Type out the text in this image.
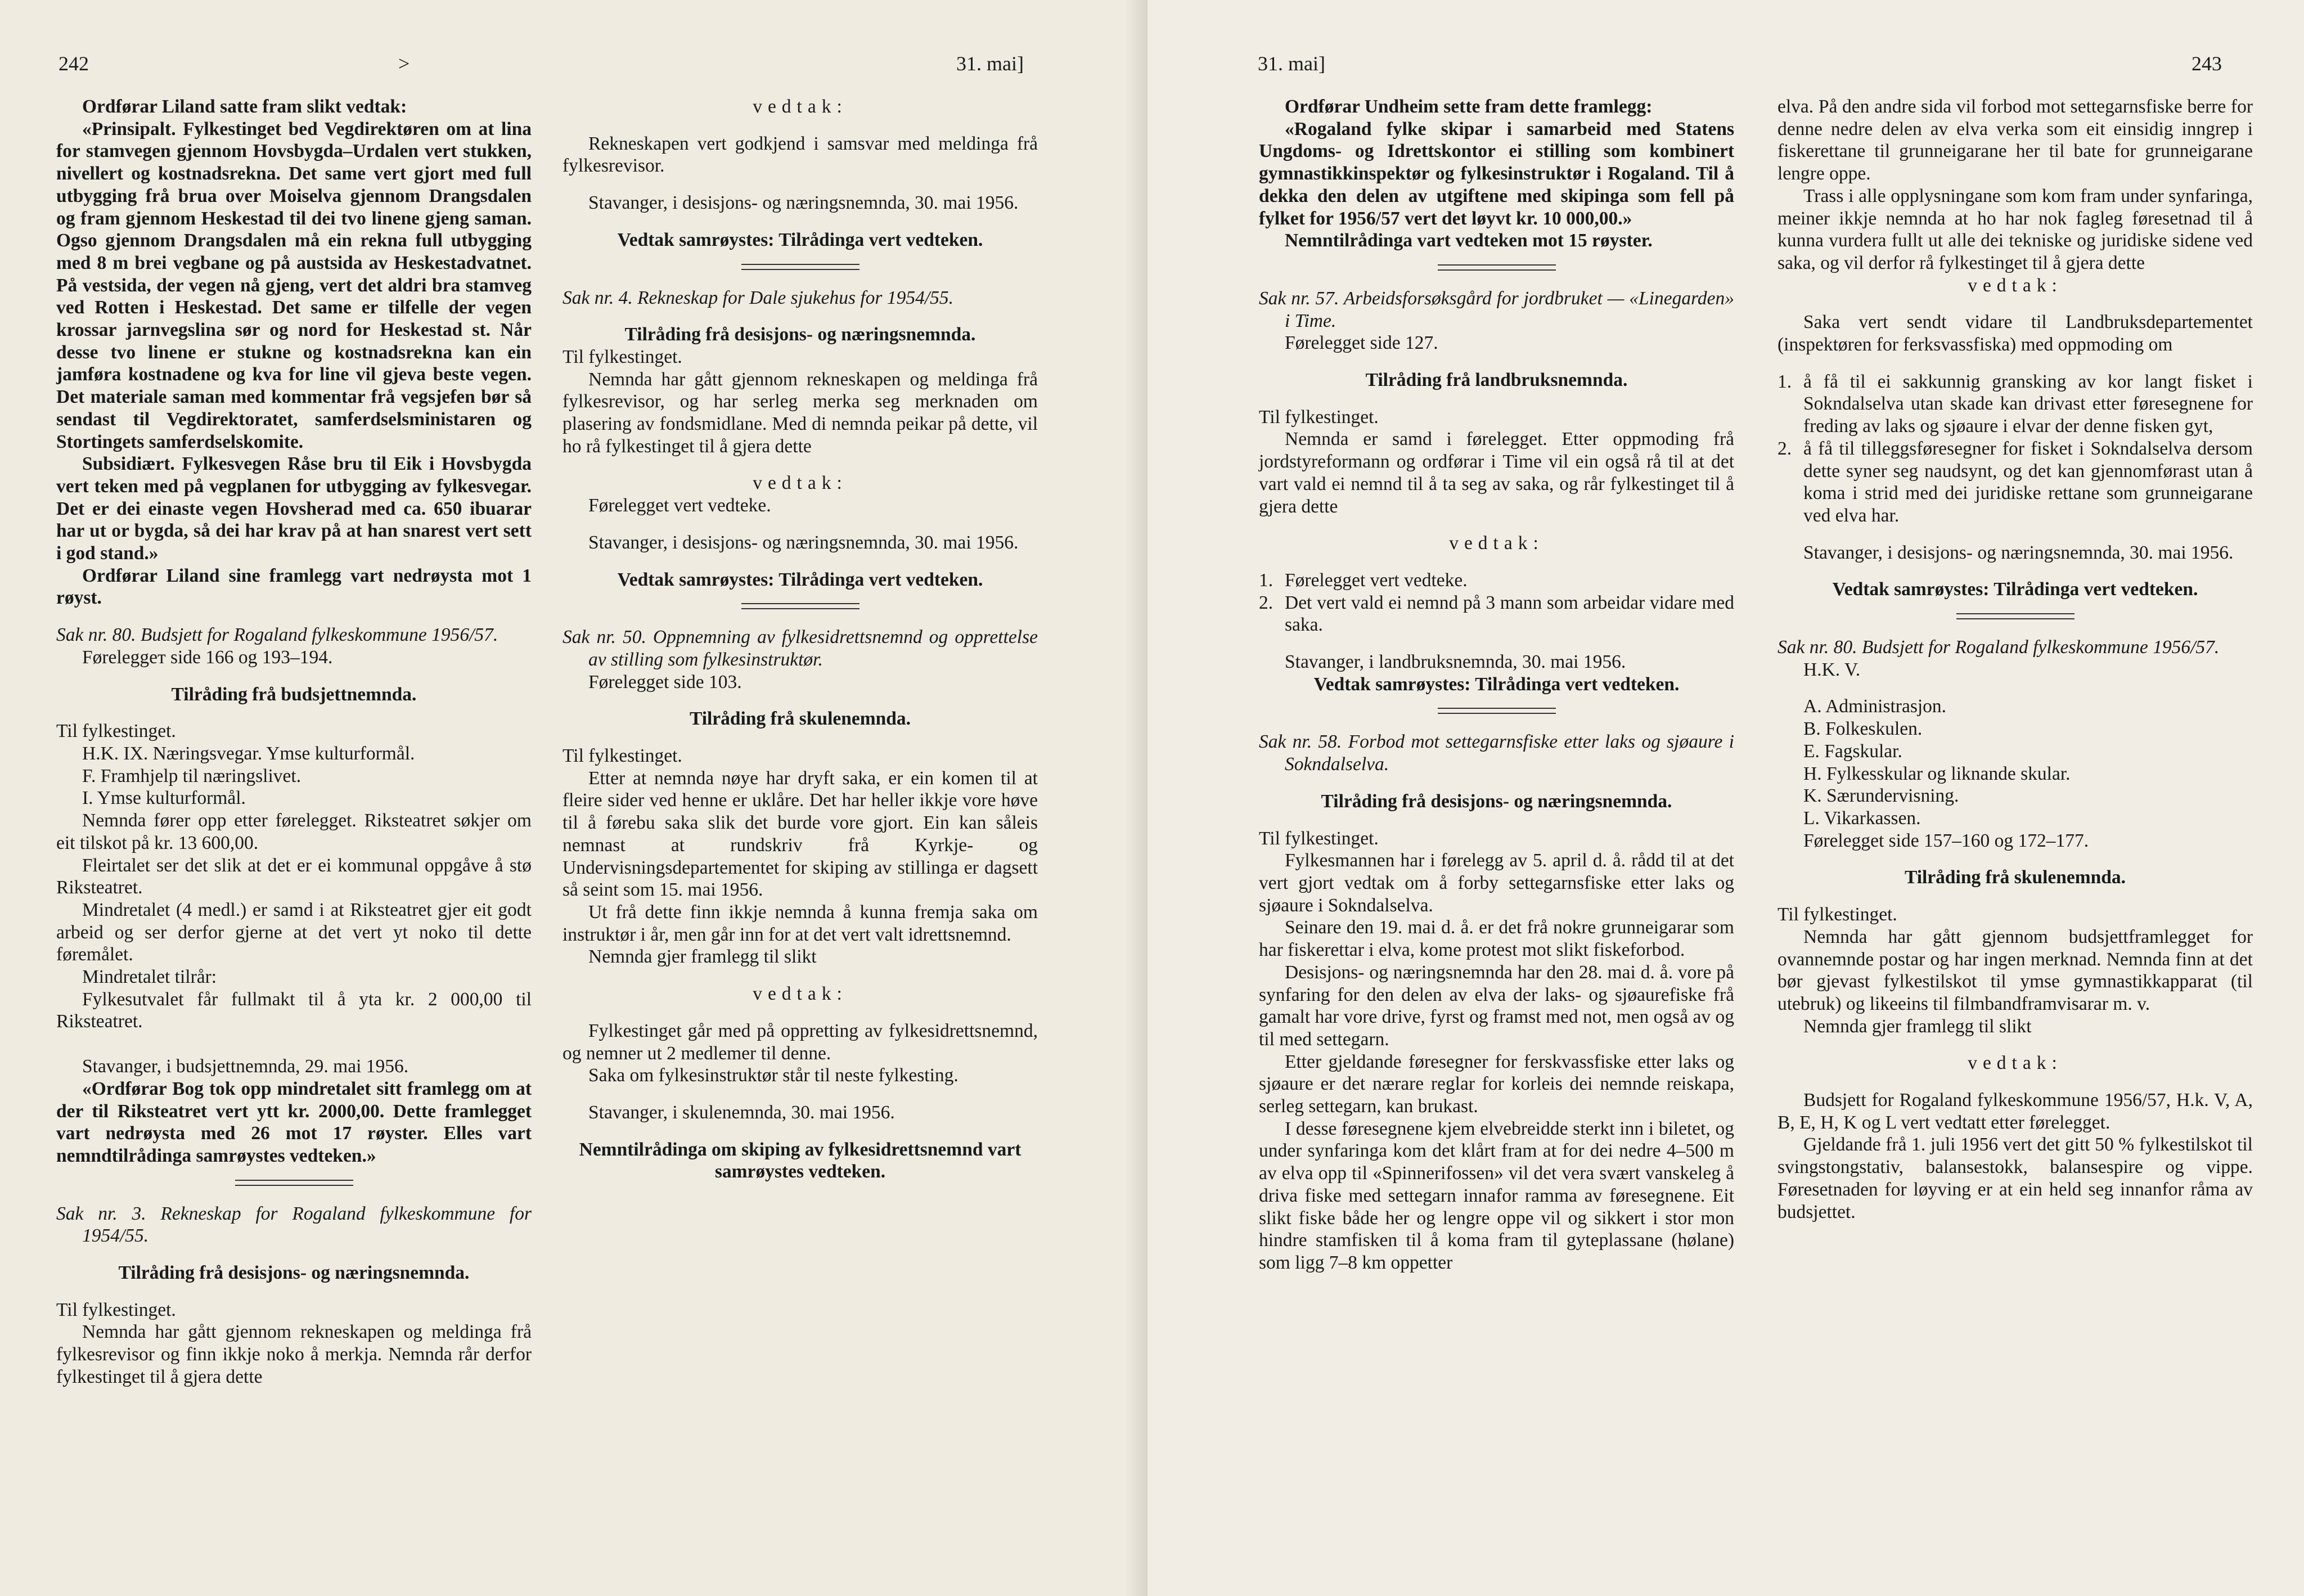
242	>	31. mai]

Ordførar Liland satte fram slikt vedtak:

«Prinsipalt. Fylkestinget bed Vegdirektøren om at lina for stamvegen gjennom Hovsbygda–Urdalen vert stukken, nivellert og kostnadsrekna. Det same vert gjort med full utbygging frå brua over Moiselva gjennom Drangsdalen og fram gjennom Heskestad til dei tvo linene gjeng saman. Ogso gjennom Drangsdalen må ein rekna full utbygging med 8 m brei vegbane og på austsida av Heskestadvatnet. På vestsida, der vegen nå gjeng, vert det aldri bra stamveg ved Rotten i Heskestad. Det same er tilfelle der vegen krossar jarnvegslina sør og nord for Heskestad st. Når desse tvo linene er stukne og kostnadsrekna kan ein jamføra kostnadene og kva for line vil gjeva beste vegen. Det materiale saman med kommentar frå vegsjefen bør så sendast til Vegdirektoratet, samferdselsministaren og Stortingets samferdselskomite.

Subsidiært. Fylkesvegen Råse bru til Eik i Hovsbygda vert teken med på vegplanen for utbygging av fylkesvegar. Det er dei einaste vegen Hovsherad med ca. 650 ibuarar har ut or bygda, så dei har krav på at han snarest vert sett i god stand.»

Ordførar Liland sine framlegg vart nedrøysta mot 1 røyst.

Sak nr. 80. Budsjett for Rogaland fylkeskommune 1956/57.

Føreleggeт side 166 og 193–194.

Tilråding frå budsjettnemnda.

Til fylkestinget.

H.K. IX. Næringsvegar. Ymse kulturformål.

F. Framhjelp til næringslivet.

I. Ymse kulturformål.

Nemnda fører opp etter førelegget. Riksteatret søkjer om eit tilskot på kr. 13 600,00.

Fleirtalet ser det slik at det er ei kommunal oppgåve å stø Riksteatret.

Mindretalet (4 medl.) er samd i at Riksteatret gjer eit godt arbeid og ser derfor gjerne at det vert yt noko til dette føremålet.

Mindretalet tilrår:

Fylkesutvalet får fullmakt til å yta kr. 2 000,00 til Riksteatret.

Stavanger, i budsjettnemnda, 29. mai 1956.

«Ordførar Bog tok opp mindretalet sitt framlegg om at der til Riksteatret vert ytt kr. 2000,00. Dette framlegget vart nedrøysta med 26 mot 17 røyster. Elles vart nemndtilrådinga samrøystes vedteken.»

Sak nr. 3. Rekneskap for Rogaland fylkeskommune for 1954/55.

Tilråding frå desisjons- og næringsnemnda.

Til fylkestinget.

Nemnda har gått gjennom rekneskapen og meldinga frå fylkesrevisor og finn ikkje noko å merkja. Nemnda rår derfor fylkestinget til å gjera dette

vedtak:

Rekneskapen vert godkjend i samsvar med meldinga frå fylkesrevisor.

Stavanger, i desisjons- og næringsnemnda, 30. mai 1956.

Vedtak samrøystes: Tilrådinga vert vedteken.

Sak nr. 4. Rekneskap for Dale sjukehus for 1954/55.

Tilråding frå desisjons- og næringsnemnda.

Til fylkestinget.

Nemnda har gått gjennom rekneskapen og meldinga frå fylkesrevisor, og har serleg merka seg merknaden om plasering av fondsmidlane. Med di nemnda peikar på dette, vil ho rå fylkestinget til å gjera dette

vedtak:

Førelegget vert vedteke.

Stavanger, i desisjons- og næringsnemnda, 30. mai 1956.

Vedtak samrøystes: Tilrådinga vert vedteken.

Sak nr. 50. Oppnemning av fylkesidrettsnemnd og opprettelse av stilling som fylkesinstruktør.

Førelegget side 103.

Tilråding frå skulenemnda.

Til fylkestinget.

Etter at nemnda nøye har dryft saka, er ein komen til at fleire sider ved henne er uklåre. Det har heller ikkje vore høve til å førebu saka slik det burde vore gjort. Ein kan såleis nemnast at rundskriv frå Kyrkje- og Undervisningsdepartementet for skiping av stillinga er dagsett så seint som 15. mai 1956.

Ut frå dette finn ikkje nemnda å kunna fremja saka om instruktør i år, men går inn for at det vert valt idrettsnemnd.

Nemnda gjer framlegg til slikt

vedtak:

Fylkestinget går med på oppretting av fylkesidrettsnemnd, og nemner ut 2 medlemer til denne.

Saka om fylkesinstruktør står til neste fylkesting.

Stavanger, i skulenemnda, 30. mai 1956.

Nemntilrådinga om skiping av fylkesidrettsnemnd vart samrøystes vedteken.

31. mai]	243

Ordførar Undheim sette fram dette framlegg:

«Rogaland fylke skipar i samarbeid med Statens Ungdoms- og Idrettskontor ei stilling som kombinert gymnastikkinspektør og fylkesinstruktør i Rogaland. Til å dekka den delen av utgiftene med skipinga som fell på fylket for 1956/57 vert det løyvt kr. 10 000,00.»

Nemntilrådinga vart vedteken mot 15 røyster.

Sak nr. 57. Arbeidsforsøksgård for jordbruket — «Linegarden» i Time.

Førelegget side 127.

Tilråding frå landbruksnemnda.

Til fylkestinget.

Nemnda er samd i førelegget. Etter oppmoding frå jordstyreformann og ordførar i Time vil ein også rå til at det vart vald ei nemnd til å ta seg av saka, og rår fylkestinget til å gjera dette

vedtak:

1. Førelegget vert vedteke.
2. Det vert vald ei nemnd på 3 mann som arbeidar vidare med saka.

Stavanger, i landbruksnemnda, 30. mai 1956.

Vedtak samrøystes: Tilrådinga vert vedteken.

Sak nr. 58. Forbod mot settegarnsfiske etter laks og sjøaure i Sokndalselva.

Tilråding frå desisjons- og næringsnemnda.

Til fylkestinget.

Fylkesmannen har i førelegg av 5. april d. å. rådd til at det vert gjort vedtak om å forby settegarnsfiske etter laks og sjøaure i Sokndalselva.

Seinare den 19. mai d. å. er det frå nokre grunneigarar som har fiskerettar i elva, kome protest mot slikt fiskeforbod.

Desisjons- og næringsnemnda har den 28. mai d. å. vore på synfaring for den delen av elva der laks- og sjøaurefiske frå gamalt har vore drive, fyrst og framst med not, men også av og til med settegarn.

Etter gjeldande føresegner for ferskvassfiske etter laks og sjøaure er det nærare reglar for korleis dei nemnde reiskapa, serleg settegarn, kan brukast.

I desse føresegnene kjem elvebreidde sterkt inn i biletet, og under synfaringa kom det klårt fram at for dei nedre 4–500 m av elva opp til «Spinnerifossen» vil det vera svært vanskeleg å driva fiske med settegarn innafor ramma av føresegnene. Eit slikt fiske både her og lengre oppe vil og sikkert i stor mon hindre stamfisken til å koma fram til gyteplassane (hølane) som ligg 7–8 km oppetter

elva. På den andre sida vil forbod mot settegarnsfiske berre for denne nedre delen av elva verka som eit einsidig inngrep i fiskerettane til grunneigarane her til bate for grunneigarane lengre oppe.

Trass i alle opplysningane som kom fram under synfaringa, meiner ikkje nemnda at ho har nok fagleg føresetnad til å kunna vurdera fullt ut alle dei tekniske og juridiske sidene ved saka, og vil derfor rå fylkestinget til å gjera dette

vedtak:

Saka vert sendt vidare til Landbruksdepartementet (inspektøren for ferksvassfiska) med oppmoding om

1. å få til ei sakkunnig gransking av kor langt fisket i Sokndalselva utan skade kan drivast etter føresegnene for freding av laks og sjøaure i elvar der denne fisken gyt,
2. å få til tilleggsføresegner for fisket i Sokndalselva dersom dette syner seg naudsynt, og det kan gjennomførast utan å koma i strid med dei juridiske rettane som grunneigarane ved elva har.

Stavanger, i desisjons- og næringsnemnda, 30. mai 1956.

Vedtak samrøystes: Tilrådinga vert vedteken.

Sak nr. 80. Budsjett for Rogaland fylkeskommune 1956/57.

H.K. V.

A. Administrasjon.

B. Folkeskulen.

E. Fagskular.

H. Fylkesskular og liknande skular.

K. Særundervisning.

L. Vikarkassen.

Førelegget side 157–160 og 172–177.

Tilråding frå skulenemnda.

Til fylkestinget.

Nemnda har gått gjennom budsjettframlegget for ovannemnde postar og har ingen merknad. Nemnda finn at det bør gjevast fylkestilskot til ymse gymnastikkapparat (til utebruk) og likeeins til filmbandframvisarar m. v.

Nemnda gjer framlegg til slikt

vedtak:

Budsjett for Rogaland fylkeskommune 1956/57, H.k. V, A, B, E, H, K og L vert vedtatt etter førelegget.

Gjeldande frå 1. juli 1956 vert det gitt 50 % fylkestilskot til svingstongstativ, balansestokk, balansespire og vippe. Føresetnaden for løyving er at ein held seg innanfor råma av budsjettet.
